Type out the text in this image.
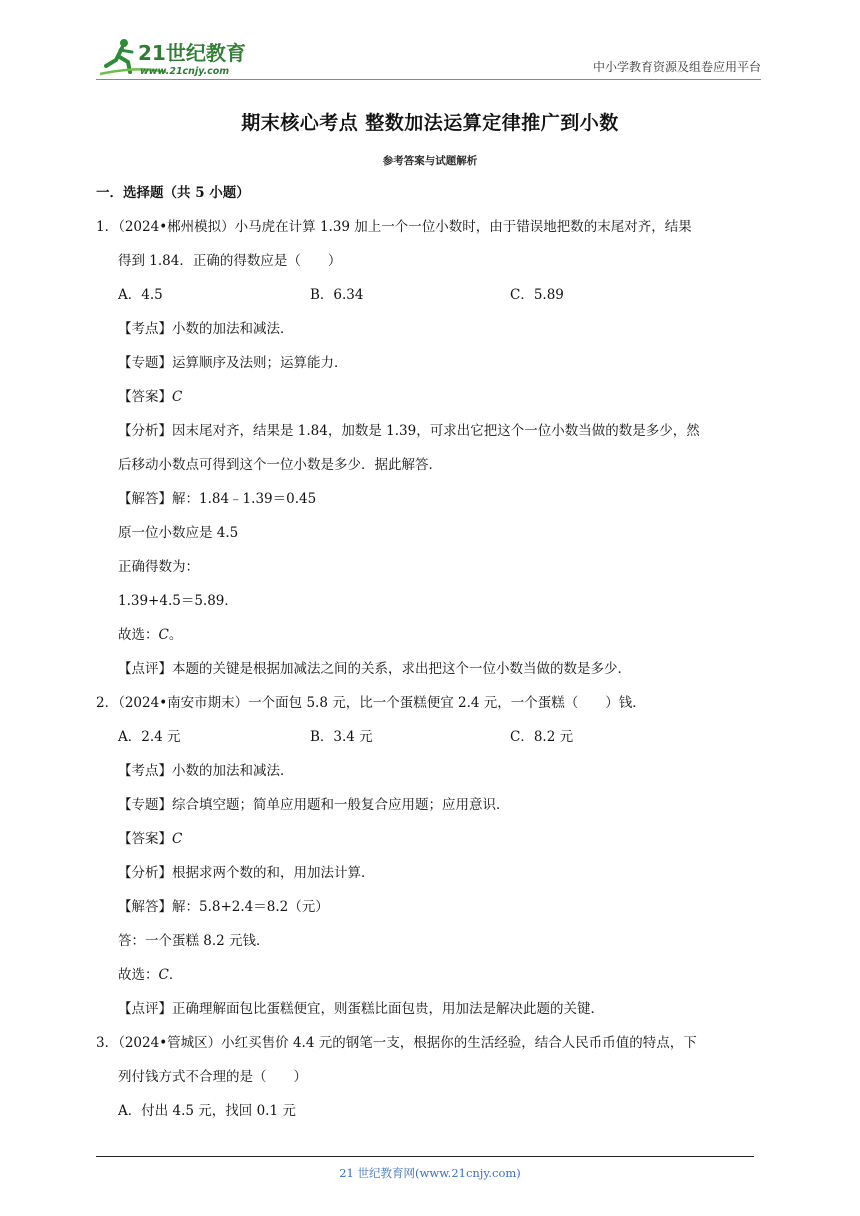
21世纪教育
www.21cnjy.com	中小学教育资源及组卷应用平台
期末核心考点 整数加法运算定律推广到小数
参考答案与试题解析
一．选择题（共 5 小题）
1．（2024•郴州模拟）小马虎在计算 1.39 加上一个一位小数时，由于错误地把数的末尾对齐，结果
得到 1.84．正确的得数应是（　　）
A．4.5	B．6.34	C．5.89
【考点】小数的加法和减法．
【专题】运算顺序及法则；运算能力．
【答案】C
【分析】因末尾对齐，结果是 1.84，加数是 1.39，可求出它把这个一位小数当做的数是多少，然
后移动小数点可得到这个一位小数是多少．据此解答．
【解答】解：1.84﹣1.39＝0.45
原一位小数应是 4.5
正确得数为：
1.39+4.5＝5.89．
故选：C。
【点评】本题的关键是根据加减法之间的关系，求出把这个一位小数当做的数是多少．
2．（2024•南安市期末）一个面包 5.8 元，比一个蛋糕便宜 2.4 元，一个蛋糕（　　）钱．
A．2.4 元	B．3.4 元	C．8.2 元
【考点】小数的加法和减法．
【专题】综合填空题；简单应用题和一般复合应用题；应用意识．
【答案】C
【分析】根据求两个数的和，用加法计算．
【解答】解：5.8+2.4＝8.2（元）
答：一个蛋糕 8.2 元钱．
故选：C．
【点评】正确理解面包比蛋糕便宜，则蛋糕比面包贵，用加法是解决此题的关键．
3．（2024•管城区）小红买售价 4.4 元的钢笔一支，根据你的生活经验，结合人民币币值的特点，下
列付钱方式不合理的是（　　）
A．付出 4.5 元，找回 0.1 元
21 世纪教育网(www.21cnjy.com)
